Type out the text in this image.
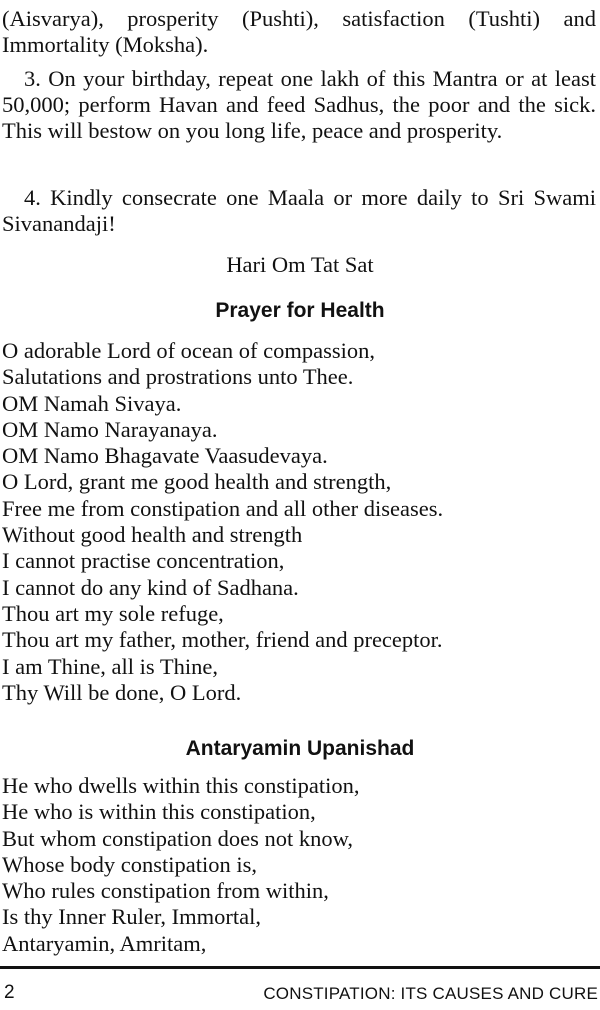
(Aisvarya), prosperity (Pushti), satisfaction (Tushti) and Immortality (Moksha).

3. On your birthday, repeat one lakh of this Mantra or at least 50,000; perform Havan and feed Sadhus, the poor and the sick. This will bestow on you long life, peace and prosperity.

4. Kindly consecrate one Maala or more daily to Sri Swami Sivanandaji!

Hari Om Tat Sat
Prayer for Health
O adorable Lord of ocean of compassion,
Salutations and prostrations unto Thee.
OM Namah Sivaya.
OM Namo Narayanaya.
OM Namo Bhagavate Vaasudevaya.
O Lord, grant me good health and strength,
Free me from constipation and all other diseases.
Without good health and strength
I cannot practise concentration,
I cannot do any kind of Sadhana.
Thou art my sole refuge,
Thou art my father, mother, friend and preceptor.
I am Thine, all is Thine,
Thy Will be done, O Lord.
Antaryamin Upanishad
He who dwells within this constipation,
He who is within this constipation,
But whom constipation does not know,
Whose body constipation is,
Who rules constipation from within,
Is thy Inner Ruler, Immortal,
Antaryamin, Amritam,
2	CONSTIPATION: ITS CAUSES AND CURE
